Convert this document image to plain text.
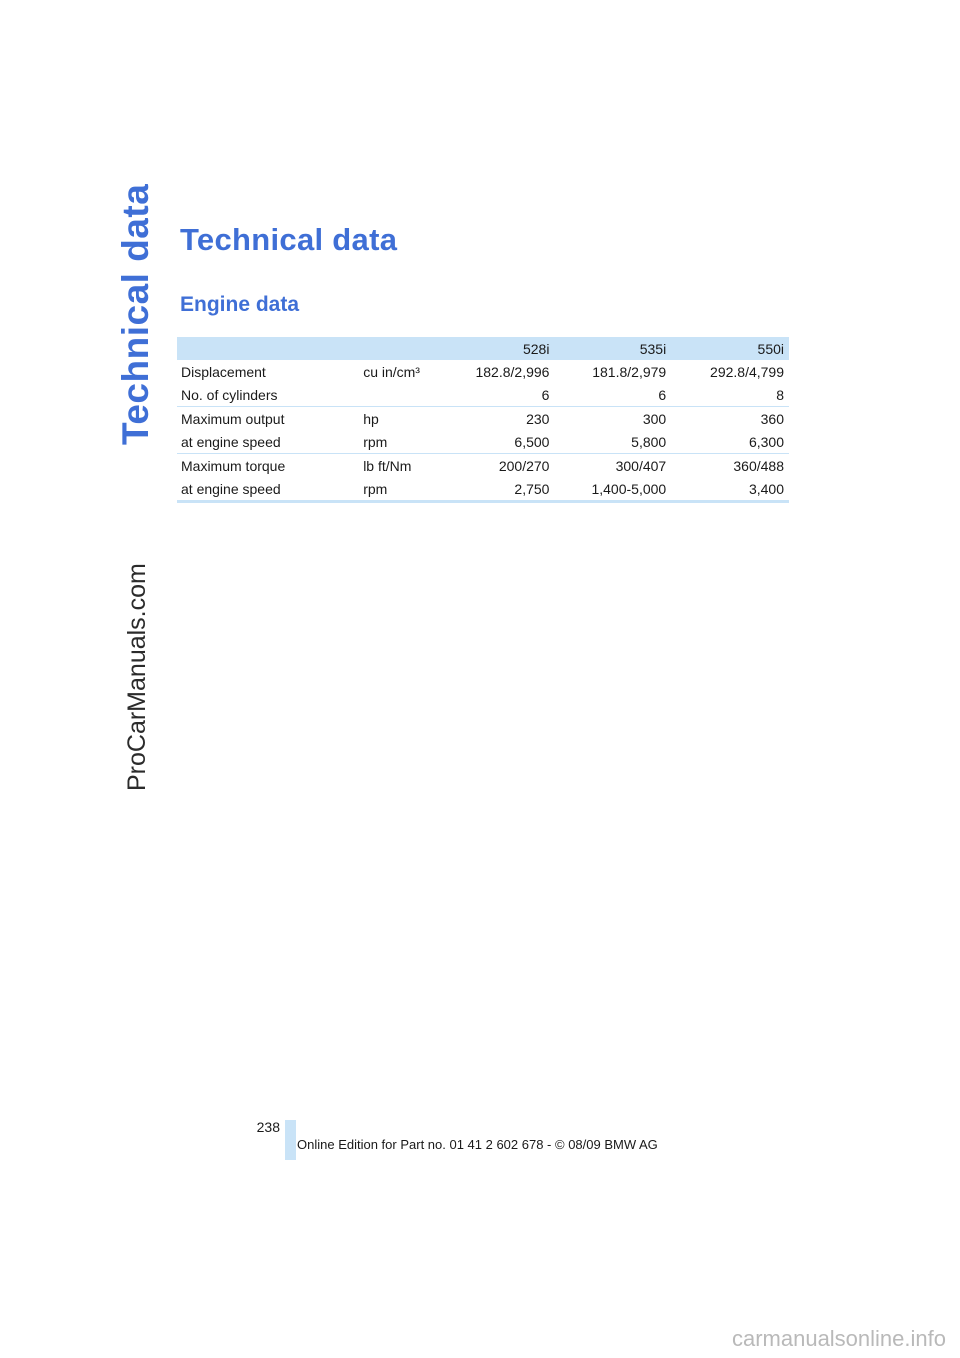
Technical data
ProCarManuals.com
Technical data
Engine data
		528i	535i	550i
Displacement	cu in/cm³	182.8/2,996	181.8/2,979	292.8/4,799
No. of cylinders		6	6	8
Maximum output	hp	230	300	360
at engine speed	rpm	6,500	5,800	6,300
Maximum torque	lb ft/Nm	200/270	300/407	360/488
at engine speed	rpm	2,750	1,400-5,000	3,400
238
Online Edition for Part no. 01 41 2 602 678 - © 08/09 BMW AG
carmanualsonline.info
